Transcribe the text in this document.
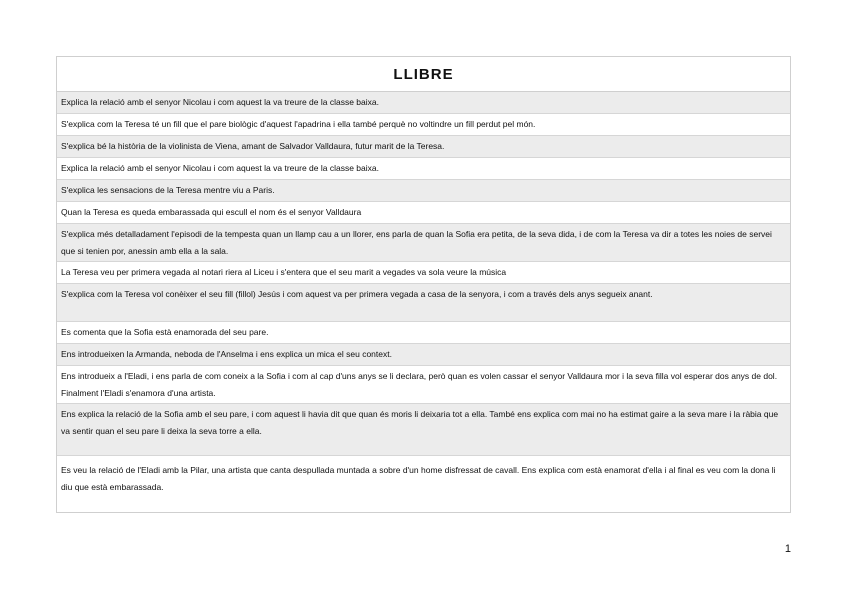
LLIBRE
Explica la relació amb el senyor Nicolau i com aquest la va treure de la classe baixa.
S'explica com la Teresa té un fill que el pare biològic d'aquest l'apadrina i ella també perquè no voltindre un fill perdut pel món.
S'explica bé la història de la violinista de Viena, amant de Salvador Valldaura, futur marit de la Teresa.
Explica la relació amb el senyor Nicolau i com aquest la va treure de la classe baixa.
S'explica les sensacions de la Teresa mentre viu a Paris.
Quan la Teresa es queda embarassada qui escull el nom és el senyor Valldaura
S'explica més detalladament l'episodi de la tempesta quan un llamp cau a un llorer, ens parla de quan la Sofia era petita, de la seva dida, i de com la Teresa va dir a totes les noies de servei que si tenien por, anessin amb ella a la sala.
La Teresa veu per primera vegada al notari riera al Liceu i s'entera que el seu marit a vegades va sola veure la música
S'explica com la Teresa vol conèixer el seu fill (fillol) Jesús i com aquest va per primera vegada a casa de la senyora, i com a través dels anys segueix anant.
Es comenta que la Sofia està enamorada del seu pare.
Ens introdueixen la Armanda, neboda de l'Anselma i ens explica un mica el seu context.
Ens introdueix a l'Eladi, i ens parla de com coneix a la Sofia i com al cap d'uns anys se li declara, però quan es volen cassar el senyor Valldaura mor i la seva filla vol esperar dos anys de dol. Finalment l'Eladi s'enamora d'una artista.
Ens explica la relació de la Sofia amb el seu pare, i com aquest li havia dit que quan és moris li deixaria tot a ella. També ens explica com mai no ha estimat gaire a la seva mare i la ràbia que va sentir quan el seu pare li deixa la seva torre a ella.
Es veu la relació de l'Eladi amb la Pilar, una artista que canta despullada muntada a sobre d'un home disfressat de cavall. Ens explica com està enamorat d'ella i al final es veu com la dona li diu que està embarassada.
1
